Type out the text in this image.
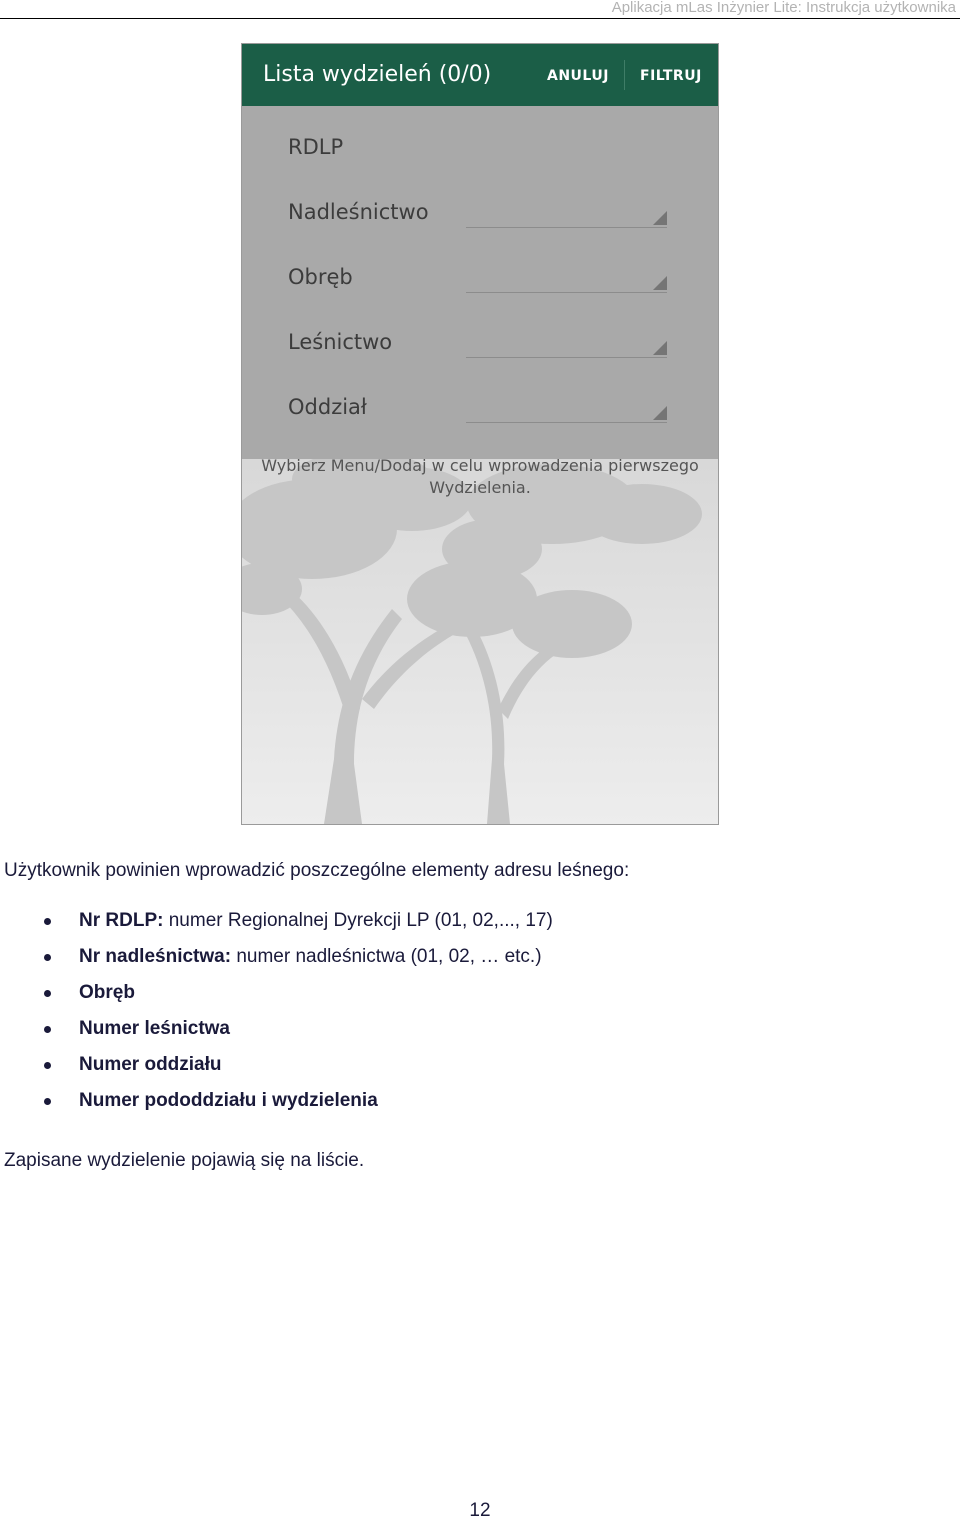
Aplikacja mLas Inżynier Lite: Instrukcja użytkownika
Lista wydzieleń (0/0)	ANULUJ FILTRUJ
RDLP
Nadleśnictwo
Obręb
Leśnictwo
Oddział
Wybierz Menu/Dodaj w celu wprowadzenia pierwszego
Wydzielenia.
Użytkownik powinien wprowadzić poszczególne elementy adresu leśnego:
Nr RDLP: numer Regionalnej Dyrekcji LP (01, 02,..., 17)
Nr nadleśnictwa: numer nadleśnictwa (01, 02, … etc.)
Obręb
Numer leśnictwa
Numer oddziału
Numer pododdziału i wydzielenia
Zapisane wydzielenie pojawią się na liście.
12
